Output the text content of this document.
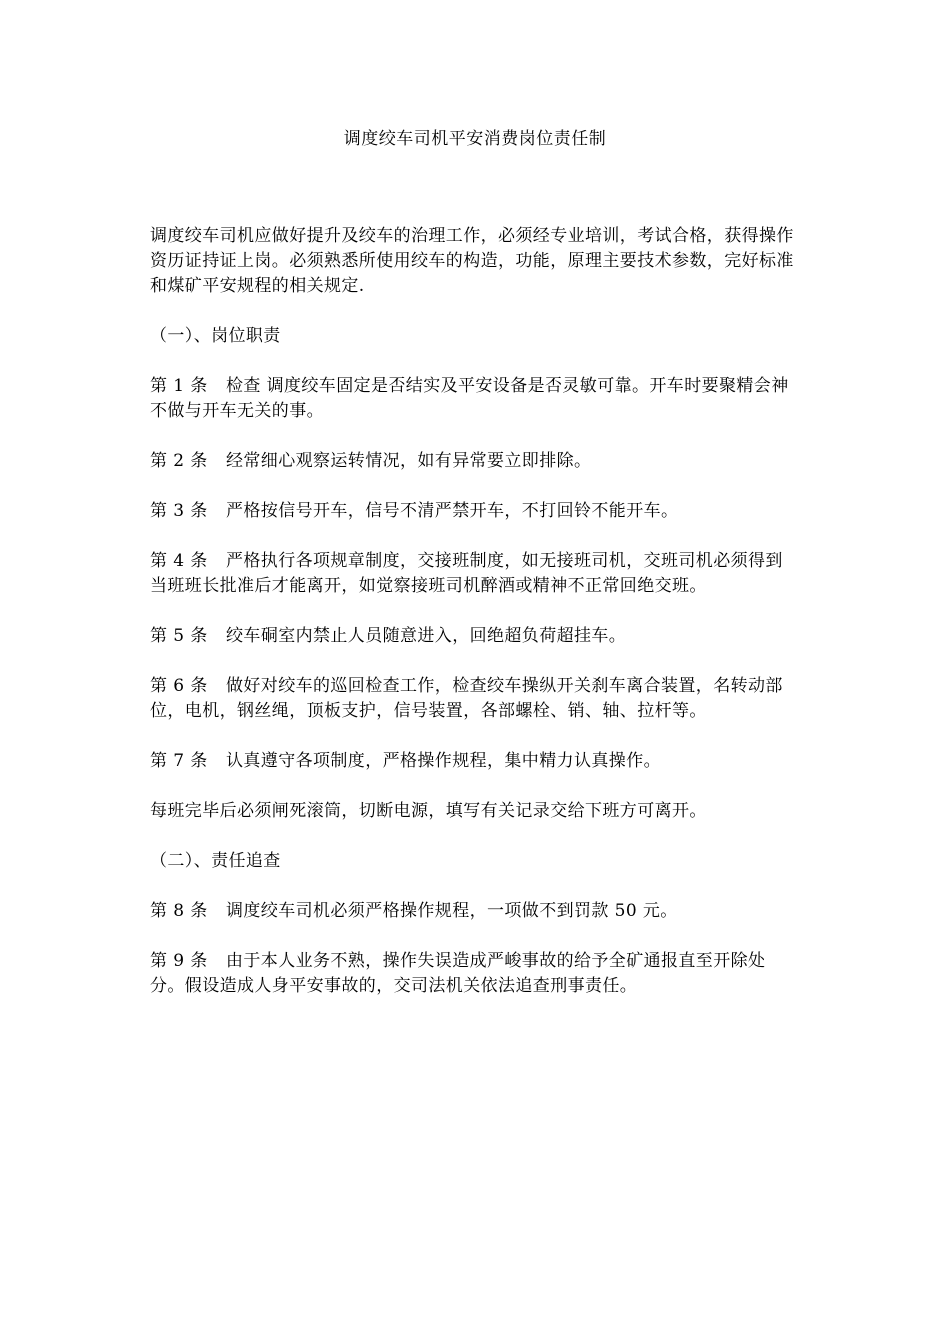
调度绞车司机平安消费岗位责任制

调度绞车司机应做好提升及绞车的治理工作，必须经专业培训，考试合格，获得操作资历证持证上岗。必须熟悉所使用绞车的构造，功能，原理主要技术参数，完好标准和煤矿平安规程的相关规定.

（一）、岗位职责

第 1 条 检查 调度绞车固定是否结实及平安设备是否灵敏可靠。开车时要聚精会神不做与开车无关的事。

第 2 条 经常细心观察运转情况，如有异常要立即排除。

第 3 条 严格按信号开车，信号不清严禁开车，不打回铃不能开车。

第 4 条 严格执行各项规章制度，交接班制度，如无接班司机，交班司机必须得到当班班长批准后才能离开，如觉察接班司机醉酒或精神不正常回绝交班。

第 5 条 绞车硐室内禁止人员随意进入，回绝超负荷超挂车。

第 6 条 做好对绞车的巡回检查工作，检查绞车操纵开关刹车离合装置，名转动部位，电机，钢丝绳，顶板支护，信号装置，各部螺栓、销、轴、拉杆等。

第 7 条 认真遵守各项制度，严格操作规程，集中精力认真操作。

每班完毕后必须闸死滚筒，切断电源，填写有关记录交给下班方可离开。

（二）、责任追查

第 8 条 调度绞车司机必须严格操作规程，一项做不到罚款 50 元。

第 9 条 由于本人业务不熟，操作失误造成严峻事故的给予全矿通报直至开除处分。假设造成人身平安事故的，交司法机关依法追查刑事责任。
